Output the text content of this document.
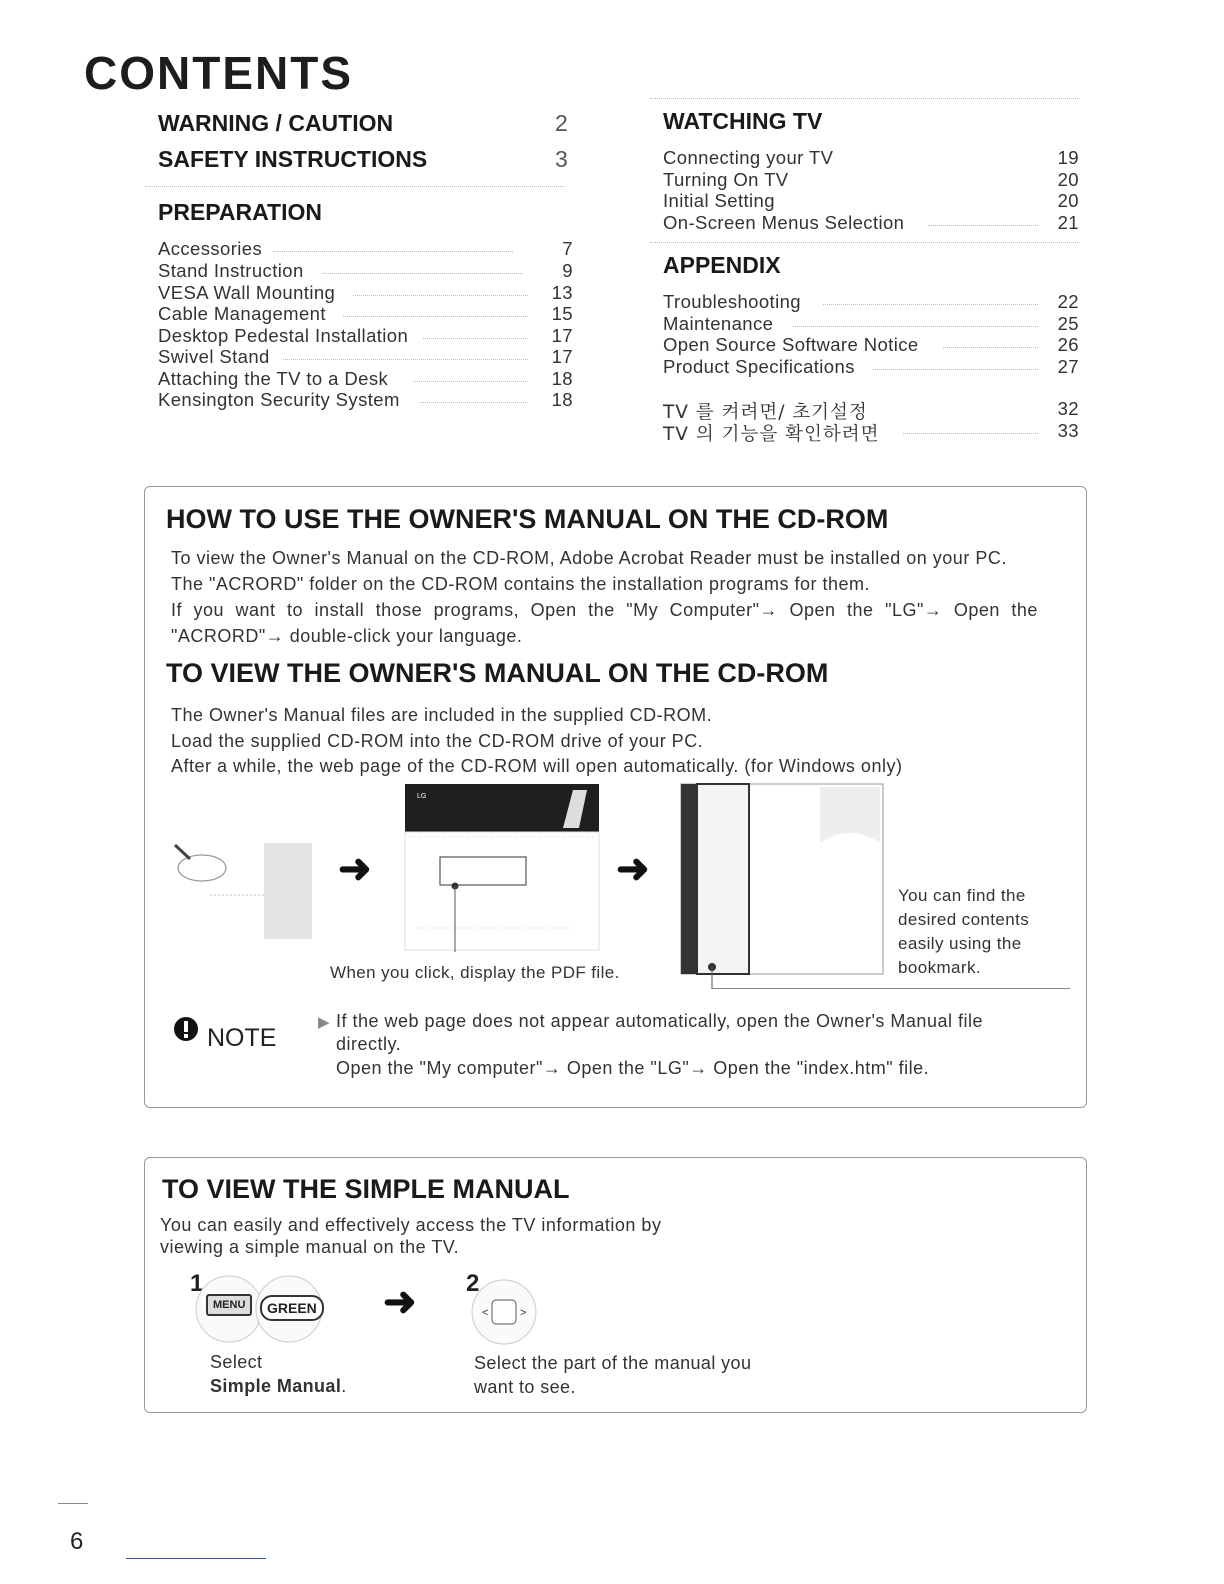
CONTENTS
WARNING / CAUTION	2
SAFETY INSTRUCTIONS	3
PREPARATION
Accessories	7
Stand Instruction	9
VESA Wall Mounting	13
Cable Management	15
Desktop Pedestal Installation	17
Swivel Stand	17
Attaching the TV to a Desk	18
Kensington Security System	18
WATCHING TV
Connecting your TV	19
Turning On TV	20
Initial Setting	20
On-Screen Menus Selection	21
APPENDIX
Troubleshooting	22
Maintenance	25
Open Source Software Notice	26
Product Specifications	27
TV 를 켜려면/ 초기설정	32
TV 의 기능을 확인하려면	33
HOW TO USE THE OWNER'S MANUAL ON THE CD-ROM
To view the Owner's Manual on the CD-ROM, Adobe Acrobat Reader must be installed on your PC.
The "ACRORD" folder on the CD-ROM contains the installation programs for them.
If you want to install those programs, Open the "My Computer"→ Open the "LG"→ Open the
"ACRORD"→ double-click your language.
TO VIEW THE OWNER'S MANUAL ON THE CD-ROM
The Owner's Manual files are included in the supplied CD-ROM.
Load the supplied CD-ROM into the CD-ROM drive of your PC.
After a while, the web page of the CD-ROM will open automatically. (for Windows only)
➜
LG
➜
When you click, display the PDF file.
You can find the
desired contents
easily using the
bookmark.
NOTE
▶ If the web page does not appear automatically, open the Owner's Manual file
directly.
Open the "My computer"→ Open the "LG"→ Open the "index.htm" file.
TO VIEW THE SIMPLE MANUAL
You can easily and effectively access the TV information by
viewing a simple manual on the TV.
1
MENU	GREEN ➜
Select
Simple Manual.
2
<	>
Select the part of the manual you
want to see.
6
